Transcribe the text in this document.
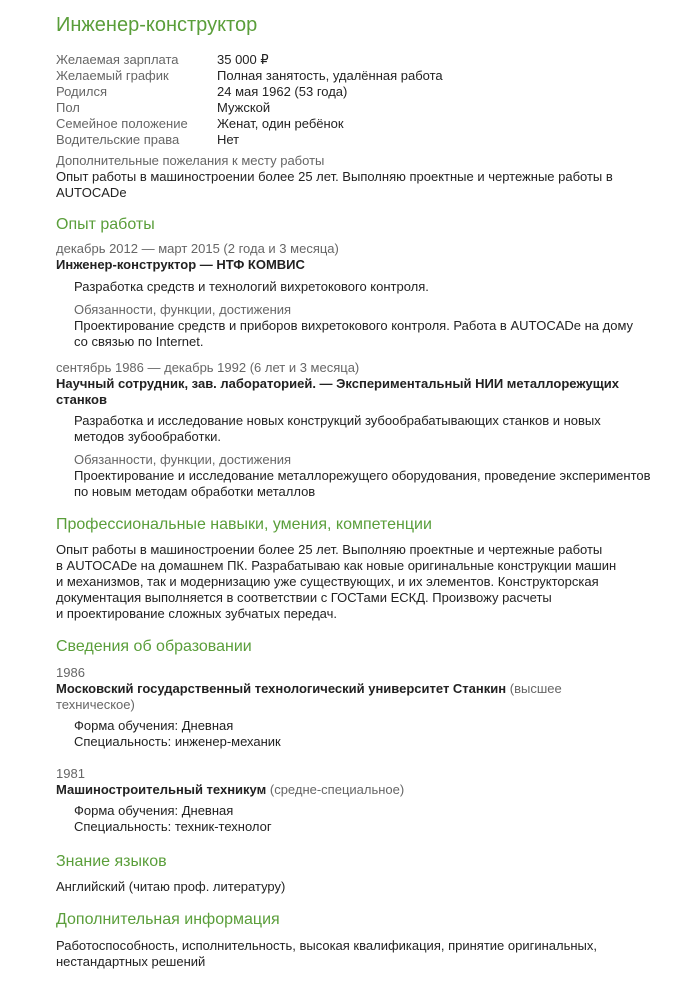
Инженер-конструктор
Желаемая зарплата	35 000 ₽
Желаемый график	Полная занятость, удалённая работа
Родился	24 мая 1962 (53 года)
Пол	Мужской
Семейное положение	Женат, один ребёнок
Водительские права	Нет
Дополнительные пожелания к месту работы
Опыт работы в машиностроении более 25 лет. Выполняю проектные и чертежные работы в
AUTOCADe
Опыт работы
декабрь 2012 — март 2015 (2 года и 3 месяца)
Инженер-конструктор — НТФ КОМВИС
Разработка средств и технологий вихретокового контроля.
Обязанности, функции, достижения
Проектирование средств и приборов вихретокового контроля. Работа в AUTOCADe на дому
со связью по Internet.
сентябрь 1986 — декабрь 1992 (6 лет и 3 месяца)
Научный сотрудник, зав. лабораторией. — Экспериментальный НИИ металлорежущих
станков
Разработка и исследование новых конструкций зубообрабатывающих станков и новых
методов зубообработки.
Обязанности, функции, достижения
Проектирование и исследование металлорежущего оборудования, проведение экспериментов
по новым методам обработки металлов
Профессиональные навыки, умения, компетенции
Опыт работы в машиностроении более 25 лет. Выполняю проектные и чертежные работы
в AUTOCADe на домашнем ПК. Разрабатываю как новые оригинальные конструкции машин
и механизмов, так и модернизацию уже существующих, и их элементов. Конструкторская
документация выполняется в соответствии с ГОСТами ЕСКД. Произвожу расчеты
и проектирование сложных зубчатых передач.
Сведения об образовании
1986
Московский государственный технологический университет Станкин (высшее
техническое)
Форма обучения: Дневная
Специальность: инженер-механик
1981
Машиностроительный техникум (средне-специальное)
Форма обучения: Дневная
Специальность: техник-технолог
Знание языков
Английский (читаю проф. литературу)
Дополнительная информация
Работоспособность, исполнительность, высокая квалификация, принятие оригинальных,
нестандартных решений
